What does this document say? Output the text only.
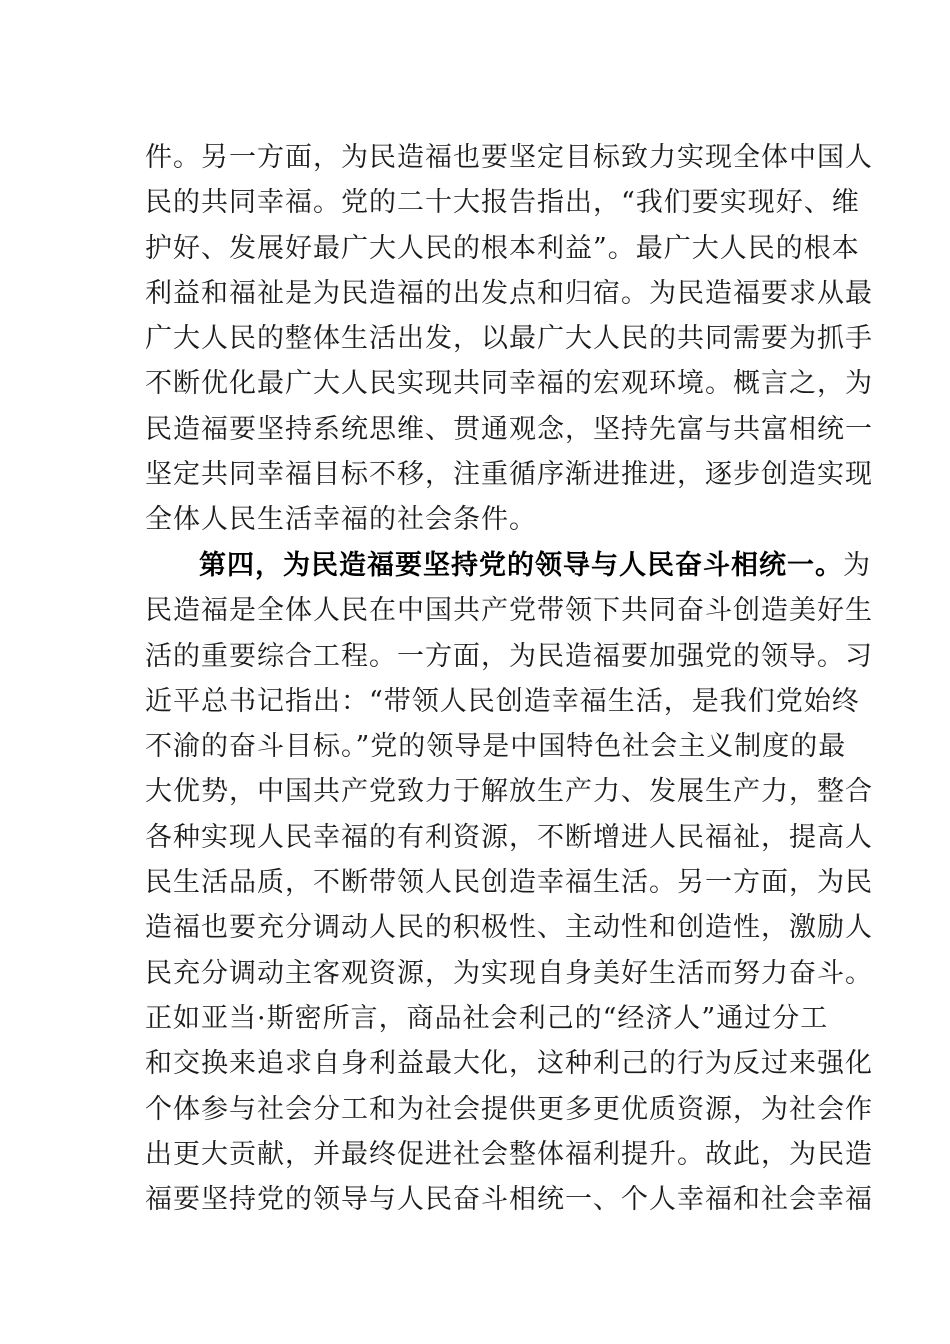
件。另一方面，为民造福也要坚定目标致力实现全体中国人
民的共同幸福。党的二十大报告指出，“我们要实现好、维
护好、发展好最广大人民的根本利益”。最广大人民的根本
利益和福祉是为民造福的出发点和归宿。为民造福要求从最
广大人民的整体生活出发，以最广大人民的共同需要为抓手
不断优化最广大人民实现共同幸福的宏观环境。概言之，为
民造福要坚持系统思维、贯通观念，坚持先富与共富相统一
坚定共同幸福目标不移，注重循序渐进推进，逐步创造实现
全体人民生活幸福的社会条件。
第四，为民造福要坚持党的领导与人民奋斗相统一。为
民造福是全体人民在中国共产党带领下共同奋斗创造美好生
活的重要综合工程。一方面，为民造福要加强党的领导。习
近平总书记指出：“带领人民创造幸福生活，是我们党始终
不渝的奋斗目标。”党的领导是中国特色社会主义制度的最
大优势，中国共产党致力于解放生产力、发展生产力，整合
各种实现人民幸福的有利资源，不断增进人民福祉，提高人
民生活品质，不断带领人民创造幸福生活。另一方面，为民
造福也要充分调动人民的积极性、主动性和创造性，激励人
民充分调动主客观资源，为实现自身美好生活而努力奋斗。
正如亚当·斯密所言，商品社会利己的“经济人”通过分工
和交换来追求自身利益最大化，这种利己的行为反过来强化
个体参与社会分工和为社会提供更多更优质资源，为社会作
出更大贡献，并最终促进社会整体福利提升。故此，为民造
福要坚持党的领导与人民奋斗相统一、个人幸福和社会幸福
